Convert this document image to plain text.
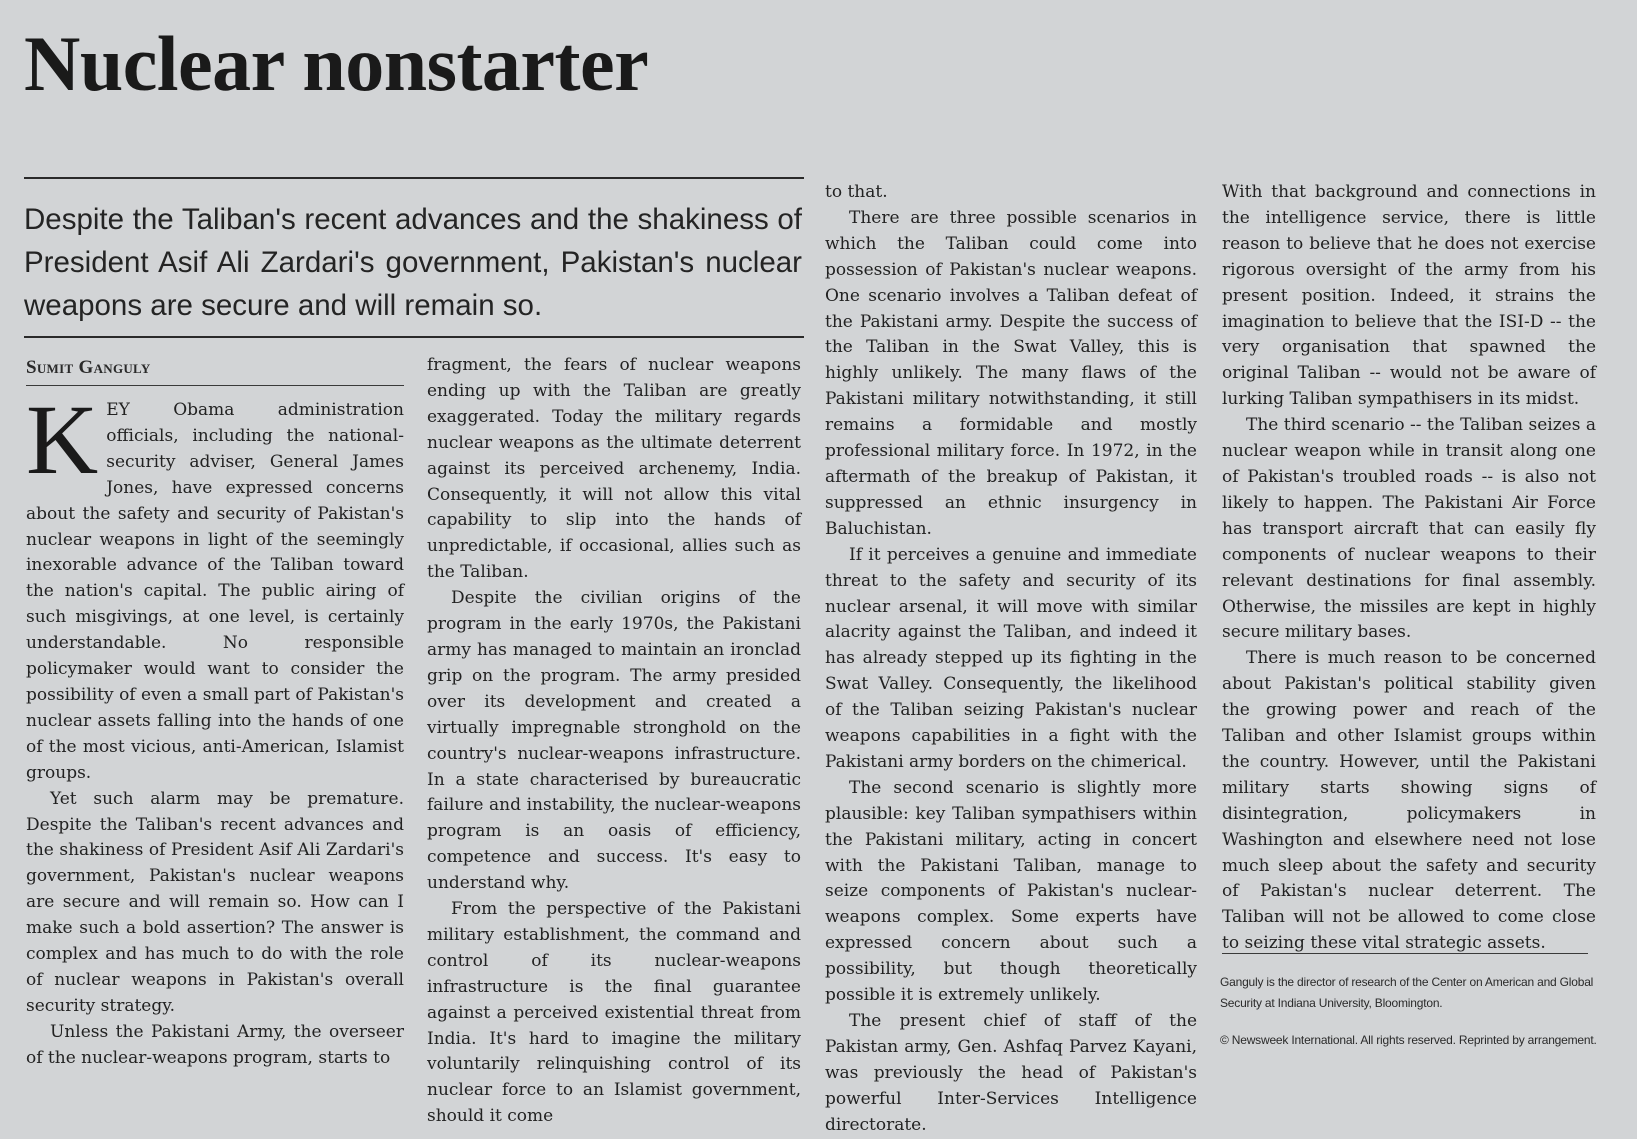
Nuclear nonstarter

Despite the Taliban's recent advances and the shakiness of President Asif Ali Zardari's government, Pakistan's nuclear weapons are secure and will remain so.

Sumit Ganguly

KEY Obama administration officials, including the national-security adviser, General James Jones, have expressed concerns about the safety and security of Pakistan's nuclear weapons in light of the seemingly inexorable advance of the Taliban toward the nation's capital. The public airing of such misgivings, at one level, is certainly understandable. No responsible policymaker would want to consider the possibility of even a small part of Pakistan's nuclear assets falling into the hands of one of the most vicious, anti-American, Islamist groups.

Yet such alarm may be premature. Despite the Taliban's recent advances and the shakiness of President Asif Ali Zardari's government, Pakistan's nuclear weapons are secure and will remain so. How can I make such a bold assertion? The answer is complex and has much to do with the role of nuclear weapons in Pakistan's overall security strategy.

Unless the Pakistani Army, the overseer of the nuclear-weapons program, starts to

fragment, the fears of nuclear weapons ending up with the Taliban are greatly exaggerated. Today the military regards nuclear weapons as the ultimate deterrent against its perceived archenemy, India. Consequently, it will not allow this vital capability to slip into the hands of unpredictable, if occasional, allies such as the Taliban.

Despite the civilian origins of the program in the early 1970s, the Pakistani army has managed to maintain an ironclad grip on the program. The army presided over its development and created a virtually impregnable stronghold on the country's nuclear-weapons infrastructure. In a state characterised by bureaucratic failure and instability, the nuclear-weapons program is an oasis of efficiency, competence and success. It's easy to understand why.

From the perspective of the Pakistani military establishment, the command and control of its nuclear-weapons infrastructure is the final guarantee against a perceived existential threat from India. It's hard to imagine the military voluntarily relinquishing control of its nuclear force to an Islamist government, should it come

to that.

There are three possible scenarios in which the Taliban could come into possession of Pakistan's nuclear weapons. One scenario involves a Taliban defeat of the Pakistani army. Despite the success of the Taliban in the Swat Valley, this is highly unlikely. The many flaws of the Pakistani military notwithstanding, it still remains a formidable and mostly professional military force. In 1972, in the aftermath of the breakup of Pakistan, it suppressed an ethnic insurgency in Baluchistan.

If it perceives a genuine and immediate threat to the safety and security of its nuclear arsenal, it will move with similar alacrity against the Taliban, and indeed it has already stepped up its fighting in the Swat Valley. Consequently, the likelihood of the Taliban seizing Pakistan's nuclear weapons capabilities in a fight with the Pakistani army borders on the chimerical.

The second scenario is slightly more plausible: key Taliban sympathisers within the Pakistani military, acting in concert with the Pakistani Taliban, manage to seize components of Pakistan's nuclear-weapons complex. Some experts have expressed concern about such a possibility, but though theoretically possible it is extremely unlikely.

The present chief of staff of the Pakistan army, Gen. Ashfaq Parvez Kayani, was previously the head of Pakistan's powerful Inter-Services Intelligence directorate.

With that background and connections in the intelligence service, there is little reason to believe that he does not exercise rigorous oversight of the army from his present position. Indeed, it strains the imagination to believe that the ISI-D -- the very organisation that spawned the original Taliban -- would not be aware of lurking Taliban sympathisers in its midst.

The third scenario -- the Taliban seizes a nuclear weapon while in transit along one of Pakistan's troubled roads -- is also not likely to happen. The Pakistani Air Force has transport aircraft that can easily fly components of nuclear weapons to their relevant destinations for final assembly. Otherwise, the missiles are kept in highly secure military bases.

There is much reason to be concerned about Pakistan's political stability given the growing power and reach of the Taliban and other Islamist groups within the country. However, until the Pakistani military starts showing signs of disintegration, policymakers in Washington and elsewhere need not lose much sleep about the safety and security of Pakistan's nuclear deterrent. The Taliban will not be allowed to come close to seizing these vital strategic assets.

Ganguly is the director of research of the Center on American and Global Security at Indiana University, Bloomington.
© Newsweek International. All rights reserved. Reprinted by arrangement.
